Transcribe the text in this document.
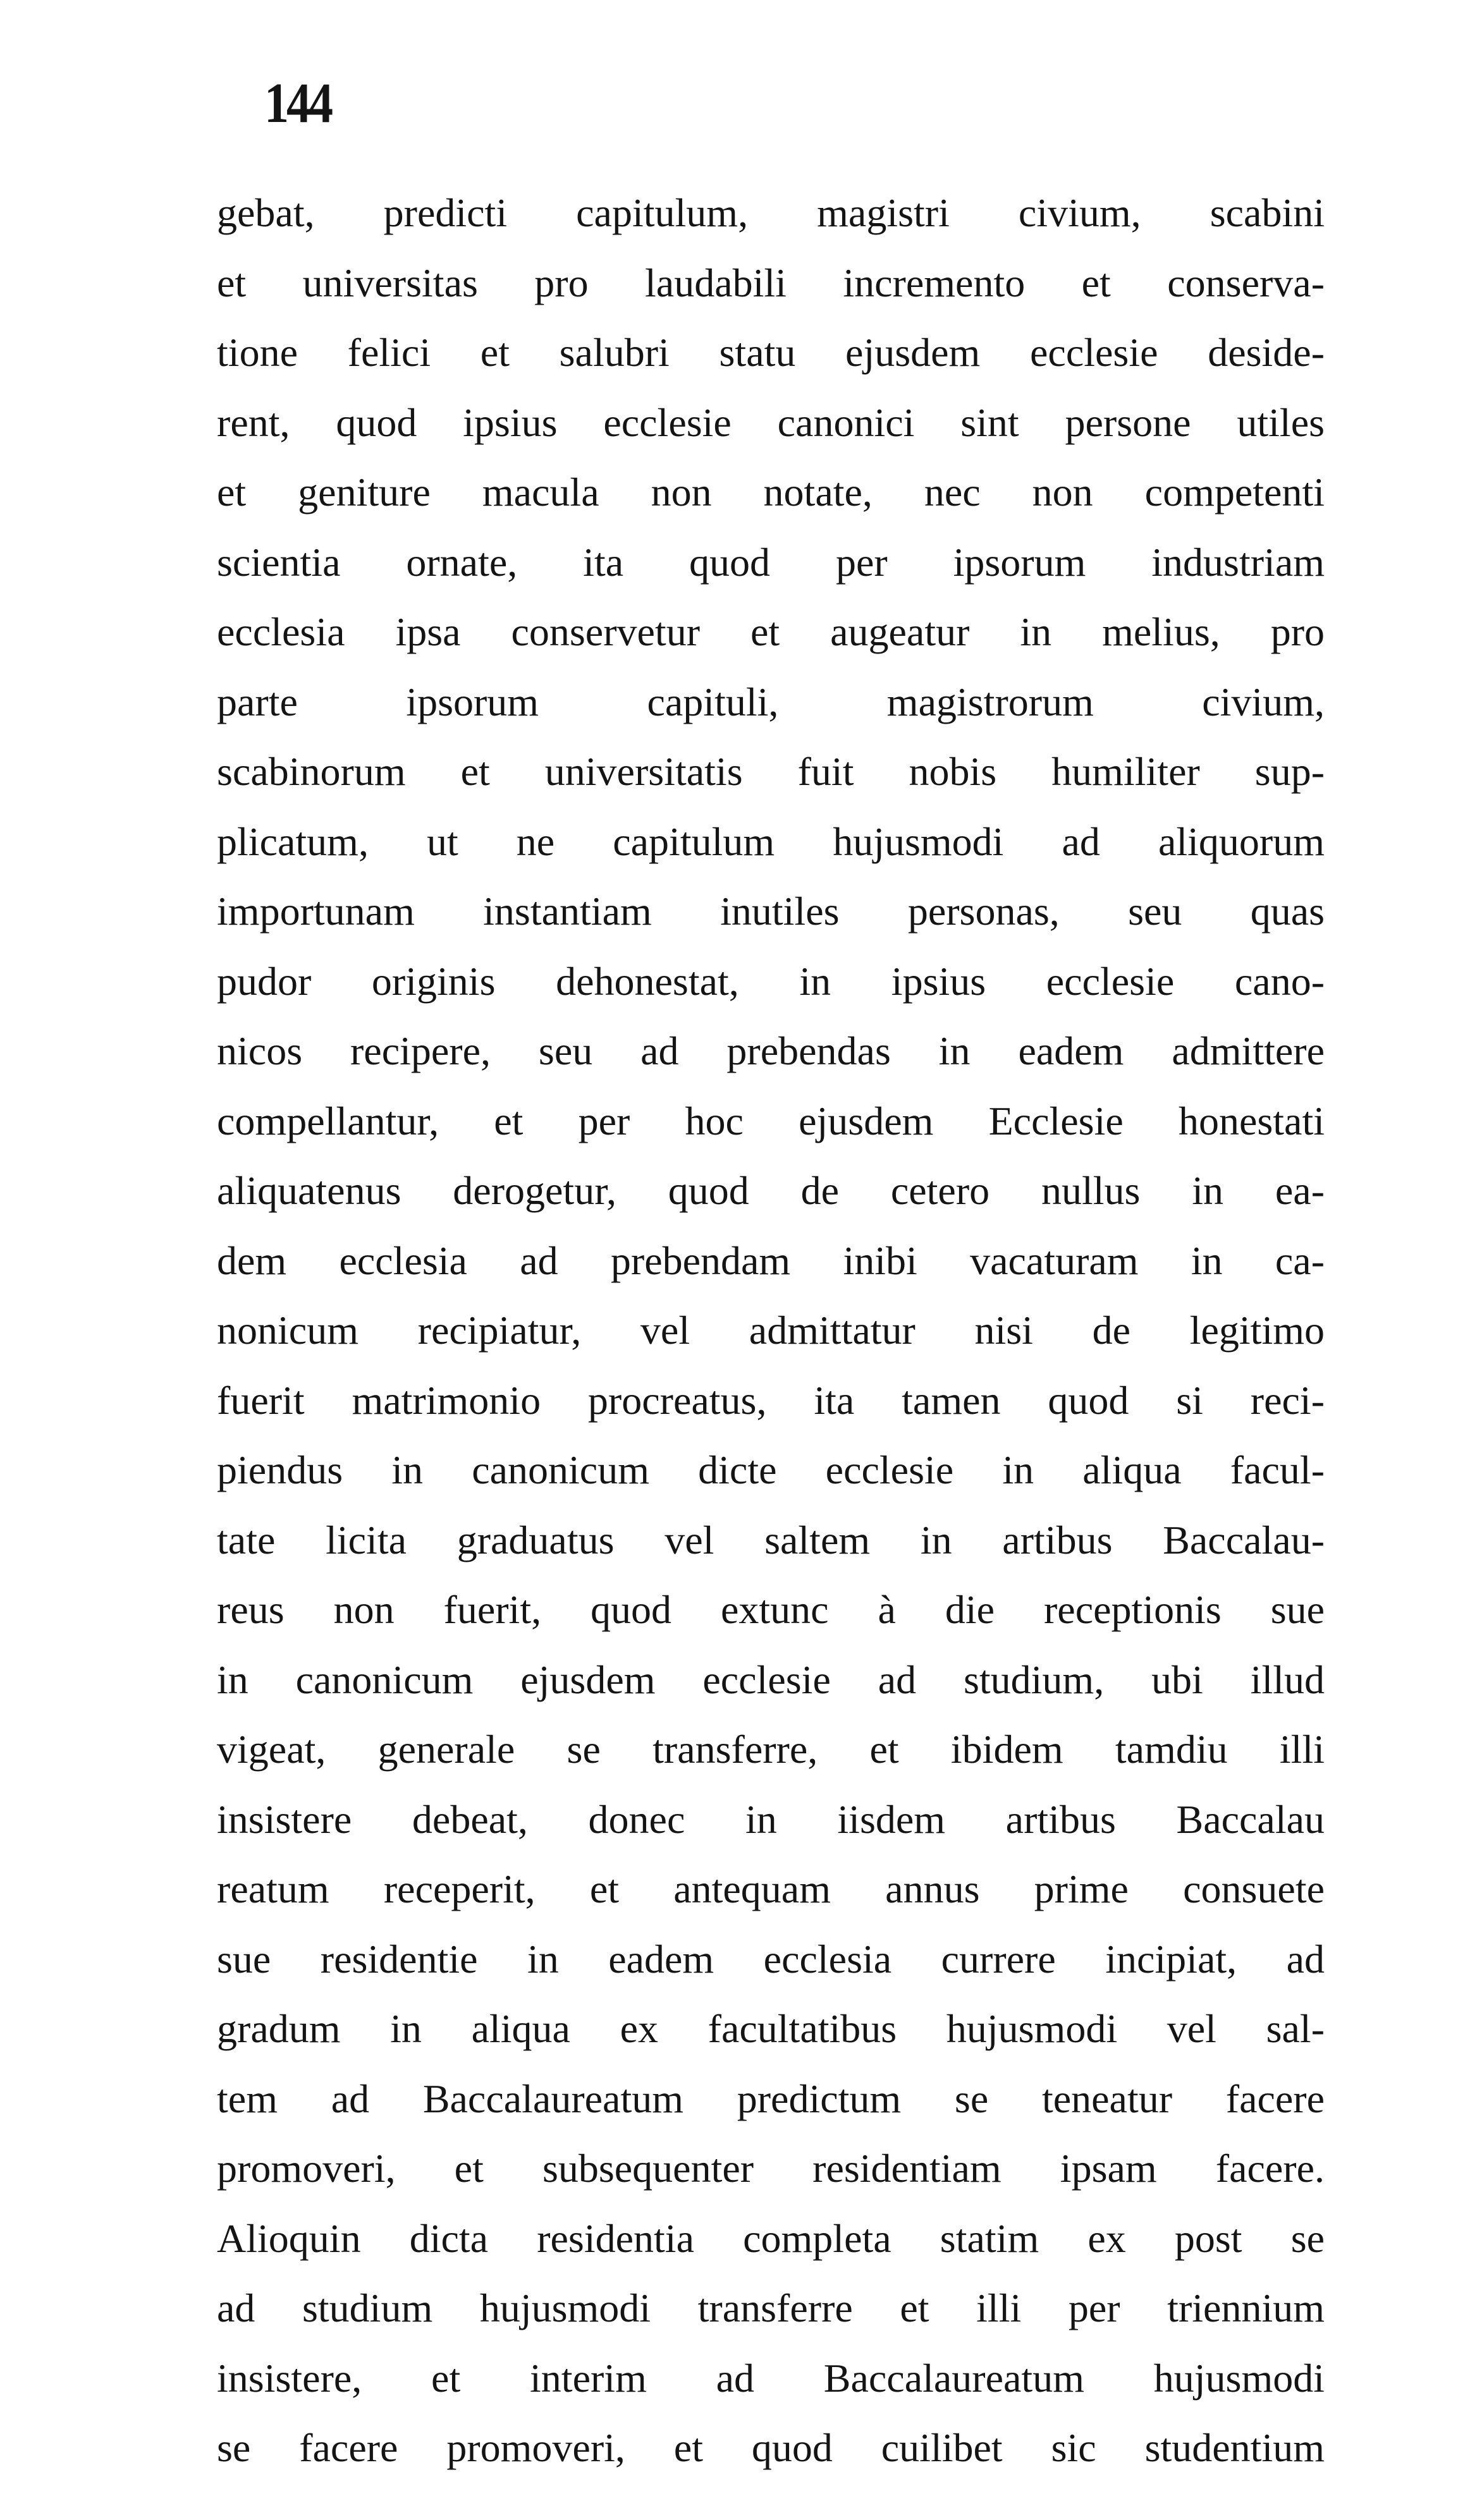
144
gebat, predicti capitulum, magistri civium, scabini
et universitas pro laudabili incremento et conserva-
tione felici et salubri statu ejusdem ecclesie deside-
rent, quod ipsius ecclesie canonici sint persone utiles
et geniture macula non notate, nec non competenti
scientia ornate, ita quod per ipsorum industriam
ecclesia ipsa conservetur et augeatur in melius, pro
parte ipsorum capituli, magistrorum civium,
scabinorum et universitatis fuit nobis humiliter sup-
plicatum, ut ne capitulum hujusmodi ad aliquorum
importunam instantiam inutiles personas, seu quas
pudor originis dehonestat, in ipsius ecclesie cano-
nicos recipere, seu ad prebendas in eadem admittere
compellantur, et per hoc ejusdem Ecclesie honestati
aliquatenus derogetur, quod de cetero nullus in ea-
dem ecclesia ad prebendam inibi vacaturam in ca-
nonicum recipiatur, vel admittatur nisi de legitimo
fuerit matrimonio procreatus, ita tamen quod si reci-
piendus in canonicum dicte ecclesie in aliqua facul-
tate licita graduatus vel saltem in artibus Baccalau-
reus non fuerit, quod extunc à die receptionis sue
in canonicum ejusdem ecclesie ad studium, ubi illud
vigeat, generale se transferre, et ibidem tamdiu illi
insistere debeat, donec in iisdem artibus Baccalau
reatum receperit, et antequam annus prime consuete
sue residentie in eadem ecclesia currere incipiat, ad
gradum in aliqua ex facultatibus hujusmodi vel sal-
tem ad Baccalaureatum predictum se teneatur facere
promoveri, et subsequenter residentiam ipsam facere.
Alioquin dicta residentia completa statim ex post se
ad studium hujusmodi transferre et illi per triennium
insistere, et interim ad Baccalaureatum hujusmodi
se facere promoveri, et quod cuilibet sic studentium
